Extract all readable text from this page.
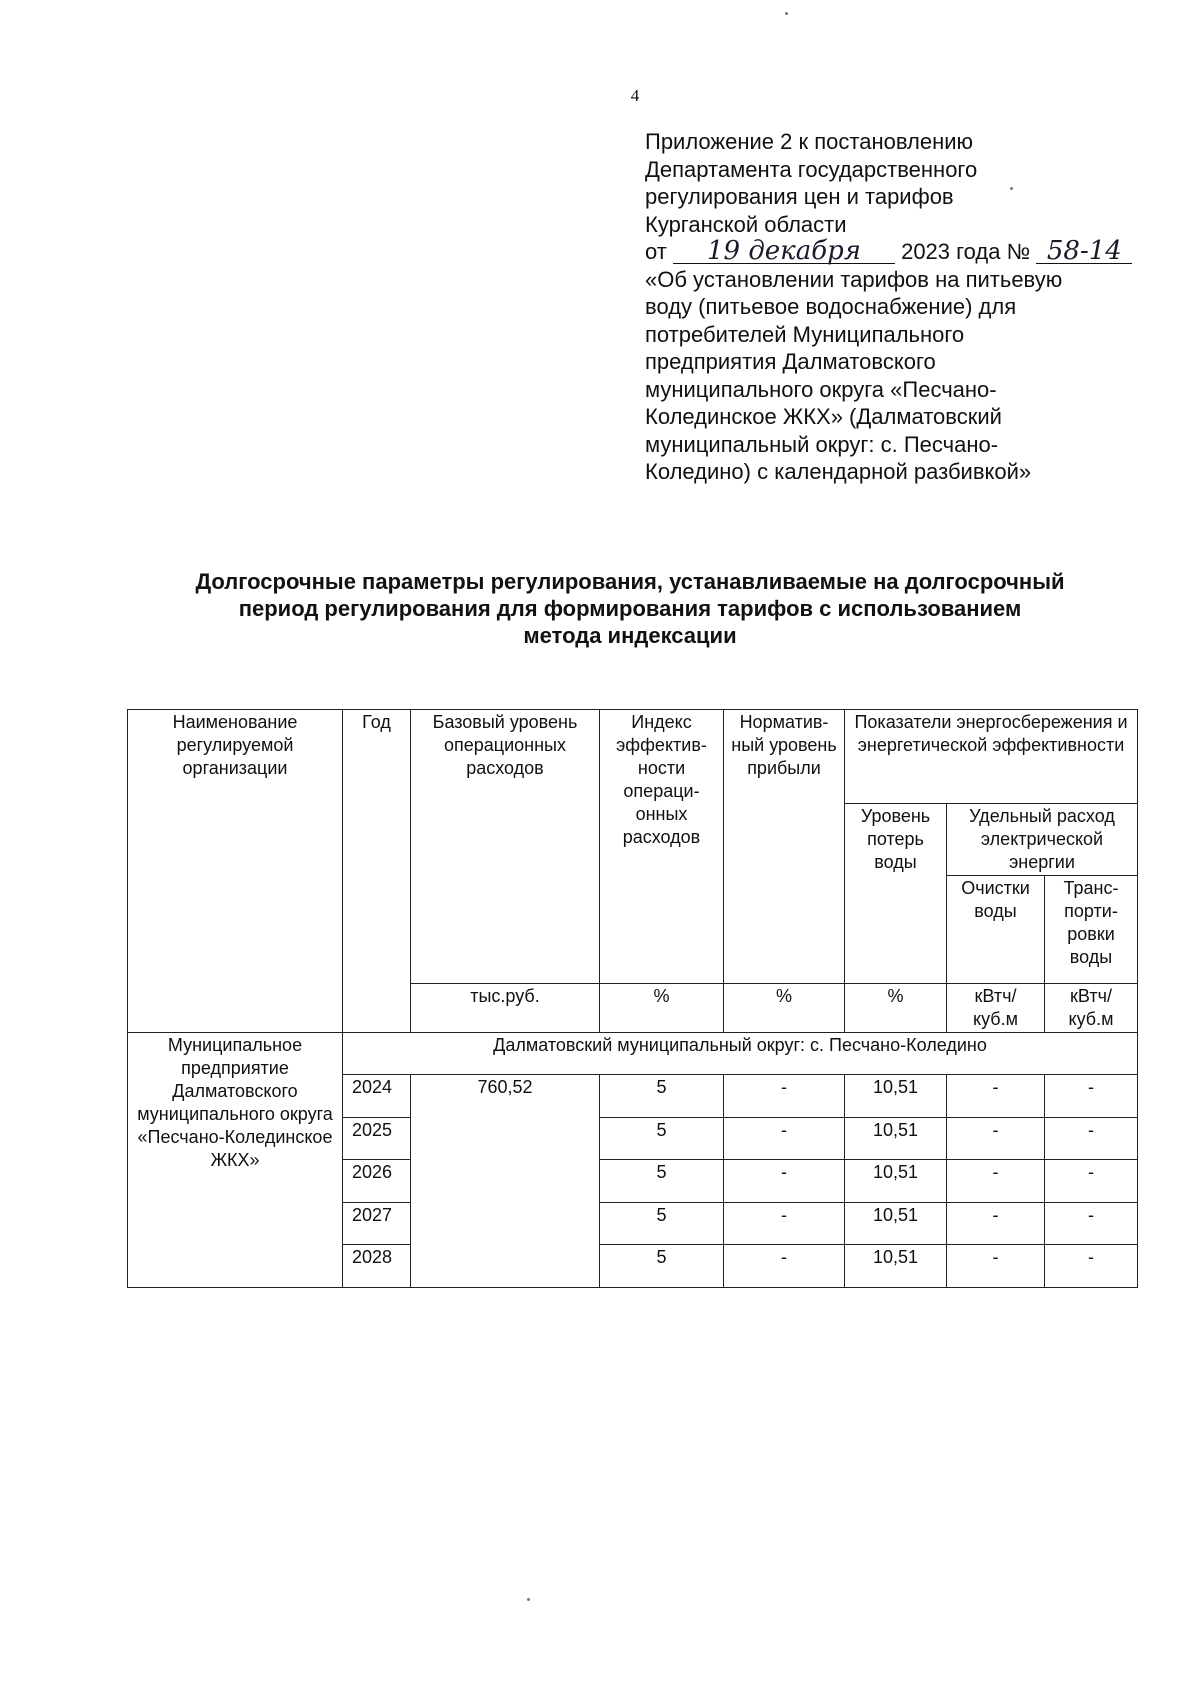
4
Приложение 2 к постановлению
Департамента государственного
регулирования цен и тарифов
Курганской области
от 19 декабря 2023 года № 58-14
«Об установлении тарифов на питьевую
воду (питьевое водоснабжение) для
потребителей Муниципального
предприятия Далматовского
муниципального округа «Песчано-
Колединское ЖКХ» (Далматовский
муниципальный округ: с. Песчано-
Коледино) с календарной разбивкой»
Долгосрочные параметры регулирования, устанавливаемые на долгосрочный
период регулирования для формирования тарифов с использованием
метода индексации
Наименование регулируемой организации	Год	Базовый уровень операционных расходов	Индекс эффектив-ности операци-онных расходов	Норматив-ный уровень прибыли	Показатели энергосбережения и энергетической эффективности		
					Уровень потерь воды	Удельный расход электрической энергии	
						Очистки воды	Транс-порти-ровки воды
		тыс.руб.	%	%	%	кВтч/ куб.м	кВтч/ куб.м
Муниципальное предприятие Далматовского муниципального округа «Песчано-Колединское ЖКХ»	Далматовский муниципальный округ: с. Песчано-Коледино						
	2024	760,52	5	-	10,51	-	-
	2025		5	-	10,51	-	-
	2026		5	-	10,51	-	-
	2027		5	-	10,51	-	-
	2028		5	-	10,51	-	-
